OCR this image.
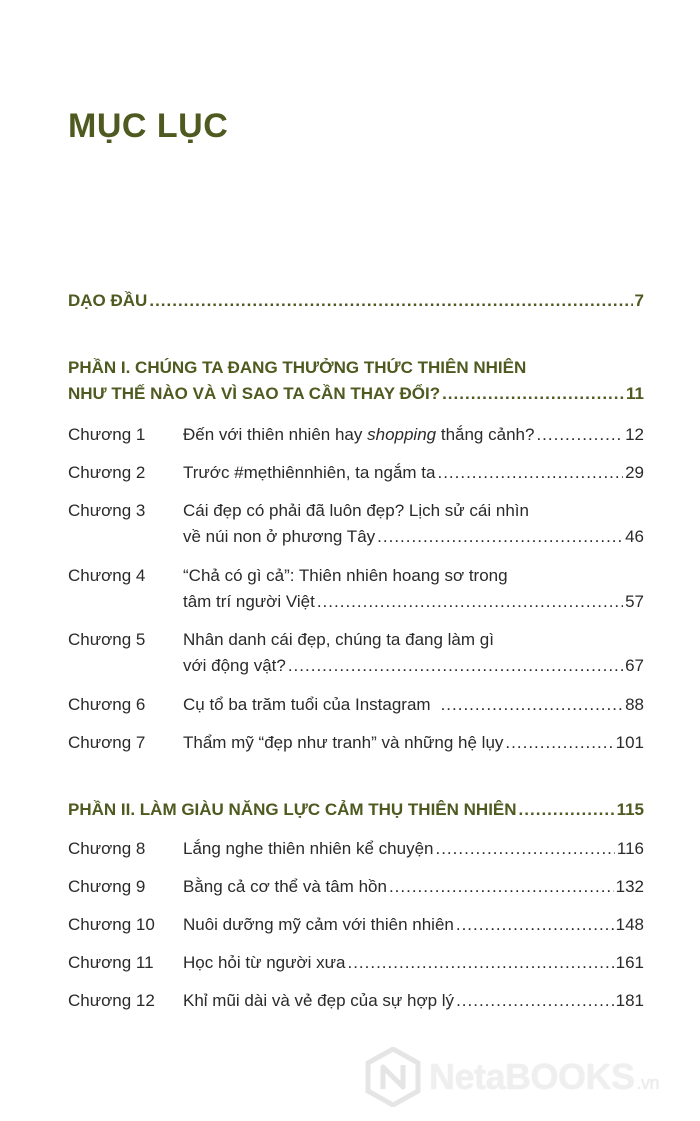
MỤC LỤC
DẠO ĐẦU .....	7
PHẦN I. CHÚNG TA ĐANG THƯỞNG THỨC THIÊN NHIÊN
NHƯ THẾ NÀO VÀ VÌ SAO TA CẦN THAY ĐỔI? .....	11
Chương 1	Đến với thiên nhiên hay shopping thắng cảnh? .....	12
Chương 2	Trước #mẹthiênnhiên, ta ngắm ta .....	29
Chương 3	Cái đẹp có phải đã luôn đẹp? Lịch sử cái nhìn
về núi non ở phương Tây .....	46
Chương 4	“Chả có gì cả”: Thiên nhiên hoang sơ trong
tâm trí người Việt .....	57
Chương 5	Nhân danh cái đẹp, chúng ta đang làm gì
với động vật? .....	67
Chương 6	Cụ tổ ba trăm tuổi của Instagram .....	88
Chương 7	Thẩm mỹ “đẹp như tranh” và những hệ lụy .....	101
PHẦN II. LÀM GIÀU NĂNG LỰC CẢM THỤ THIÊN NHIÊN .....	115
Chương 8	Lắng nghe thiên nhiên kể chuyện .....	116
Chương 9	Bằng cả cơ thể và tâm hồn .....	132
Chương 10	Nuôi dưỡng mỹ cảm với thiên nhiên .....	148
Chương 11	Học hỏi từ người xưa .....	161
Chương 12	Khỉ mũi dài và vẻ đẹp của sự hợp lý .....	181
NetaBOOKS .vn
